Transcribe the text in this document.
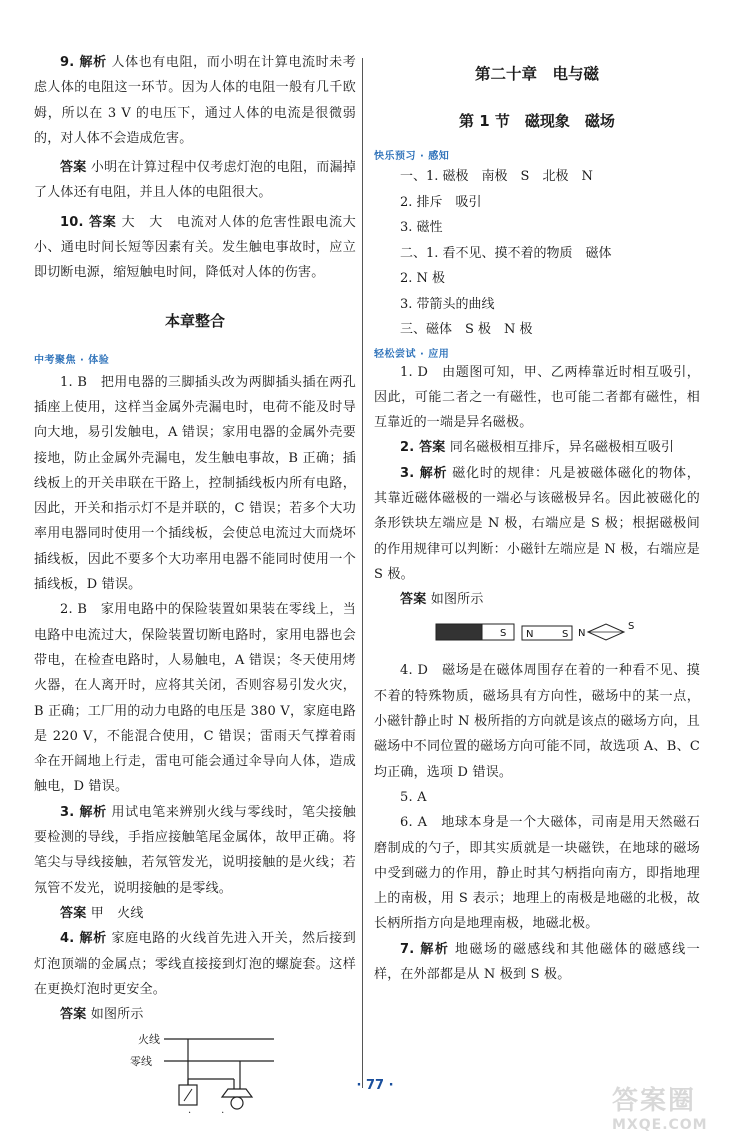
9. 解析 人体也有电阻，而小明在计算电流时未考虑人体的电阻这一环节。因为人体的电阻一般有几千欧姆，所以在 3 V 的电压下，通过人体的电流是很微弱的，对人体不会造成危害。

答案 小明在计算过程中仅考虑灯泡的电阻，而漏掉了人体还有电阻，并且人体的电阻很大。

10. 答案 大　大　电流对人体的危害性跟电流大小、通电时间长短等因素有关。发生触电事故时，应立即切断电源，缩短触电时间，降低对人体的伤害。

本章整合

中考聚焦 · 体验

1. B　把用电器的三脚插头改为两脚插头插在两孔插座上使用，这样当金属外壳漏电时，电荷不能及时导向大地，易引发触电，A 错误；家用电器的金属外壳要接地，防止金属外壳漏电，发生触电事故，B 正确；插线板上的开关串联在干路上，控制插线板内所有电路，因此，开关和指示灯不是并联的，C 错误；若多个大功率用电器同时使用一个插线板，会使总电流过大而烧坏插线板，因此不要多个大功率用电器不能同时使用一个插线板，D 错误。

2. B　家用电路中的保险装置如果装在零线上，当电路中电流过大，保险装置切断电路时，家用电器也会带电，在检查电路时，人易触电，A 错误；冬天使用烤火器，在人离开时，应将其关闭，否则容易引发火灾，B 正确；工厂用的动力电路的电压是 380 V，家庭电路是 220 V，不能混合使用，C 错误；雷雨天气撑着雨伞在开阔地上行走，雷电可能会通过伞导向人体，造成触电，D 错误。

3. 解析 用试电笔来辨别火线与零线时，笔尖接触要检测的导线，手指应接触笔尾金属体，故甲正确。将笔尖与导线接触，若氖管发光，说明接触的是火线；若氖管不发光，说明接触的是零线。

答案 甲　火线

4. 解析 家庭电路的火线首先进入开关，然后接到灯泡顶端的金属点；零线直接接到灯泡的螺旋套。这样在更换灯泡时更安全。

答案 如图所示

火线
零线

第二十章　电与磁

第 1 节　磁现象　磁场

快乐预习 · 感知

一、1. 磁极　南极　S　北极　N

2. 排斥　吸引

3. 磁性

二、1. 看不见、摸不着的物质　磁体

2. N 极

3. 带箭头的曲线

三、磁体　S 极　N 极

轻松尝试 · 应用

1. D　由题图可知，甲、乙两棒靠近时相互吸引，因此，可能二者之一有磁性，也可能二者都有磁性，相互靠近的一端是异名磁极。

2. 答案 同名磁极相互排斥，异名磁极相互吸引

3. 解析 磁化时的规律：凡是被磁体磁化的物体，其靠近磁体磁极的一端必与该磁极异名。因此被磁化的条形铁块左端应是 N 极，右端应是 S 极；根据磁极间的作用规律可以判断：小磁针左端应是 N 极，右端应是 S 极。

答案 如图所示

S N	S N
S

4. D　磁场是在磁体周围存在着的一种看不见、摸不着的特殊物质，磁场具有方向性，磁场中的某一点，小磁针静止时 N 极所指的方向就是该点的磁场方向，且磁场中不同位置的磁场方向可能不同，故选项 A、B、C 均正确，选项 D 错误。

5. A

6. A　地球本身是一个大磁体，司南是用天然磁石磨制成的勺子，即其实质就是一块磁铁，在地球的磁场中受到磁力的作用，静止时其勺柄指向南方，即指地理上的南极，用 S 表示；地理上的南极是地磁的北极，故长柄所指方向是地理南极，地磁北极。

7. 解析 地磁场的磁感线和其他磁体的磁感线一样，在外部都是从 N 极到 S 极。

· 77 ·
··	答案圈
MXQE.COM
